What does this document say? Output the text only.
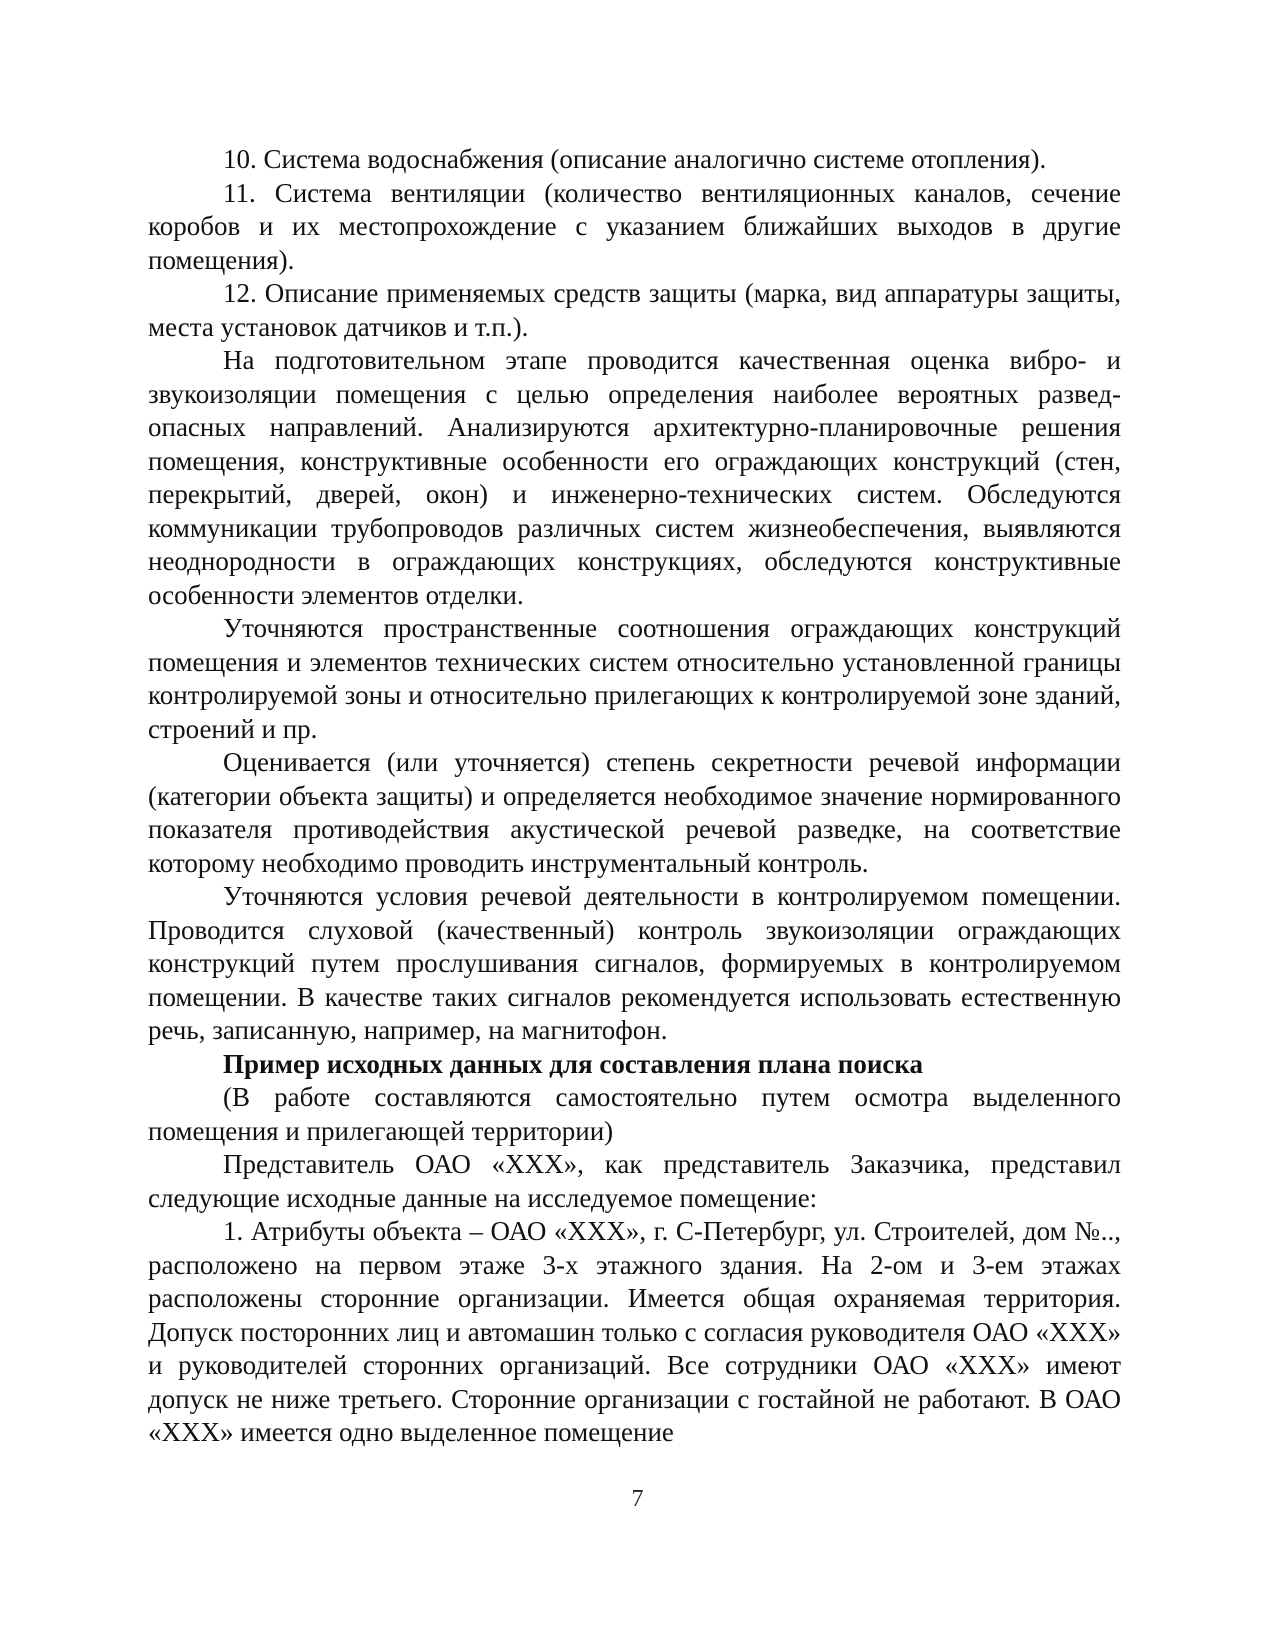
10. Система водоснабжения (описание аналогично системе отопления).

11. Система вентиляции (количество вентиляционных каналов, сечение коробов и их местопрохождение с указанием ближайших выходов в другие помещения).

12. Описание применяемых средств защиты (марка, вид аппаратуры защиты, места установок датчиков и т.п.).

На подготовительном этапе проводится качественная оценка вибро- и звукоизоляции помещения с целью определения наиболее вероятных разведопасных направлений. Анализируются архитектурно-планировочные решения помещения, конструктивные особенности его ограждающих конструкций (стен, перекрытий, дверей, окон) и инженерно-технических систем. Обследуются коммуникации трубопроводов различных систем жизнеобеспечения, выявляются неоднородности в ограждающих конструкциях, обследуются конструктивные особенности элементов отделки.

Уточняются пространственные соотношения ограждающих конструкций помещения и элементов технических систем относительно установленной границы контролируемой зоны и относительно прилегающих к контролируемой зоне зданий, строений и пр.

Оценивается (или уточняется) степень секретности речевой информации (категории объекта защиты) и определяется необходимое значение нормированного показателя противодействия акустической речевой разведке, на соответствие которому необходимо проводить инструментальный контроль.

Уточняются условия речевой деятельности в контролируемом помещении. Проводится слуховой (качественный) контроль звукоизоляции ограждающих конструкций путем прослушивания сигналов, формируемых в контролируемом помещении. В качестве таких сигналов рекомендуется использовать естественную речь, записанную, например, на магнитофон.

Пример исходных данных для составления плана поиска

(В работе составляются самостоятельно путем осмотра выделенного помещения и прилегающей территории)

Представитель ОАО «ХХХ», как представитель Заказчика, представил следующие исходные данные на исследуемое помещение:

1. Атрибуты объекта – ОАО «ХХХ», г. С-Петербург, ул. Строителей, дом №.., расположено на первом этаже 3-х этажного здания. На 2-ом и 3-ем этажах расположены сторонние организации. Имеется общая охраняемая территория. Допуск посторонних лиц и автомашин только с согласия руководителя ОАО «ХХХ» и руководителей сторонних организаций. Все сотрудники ОАО «ХХХ» имеют допуск не ниже третьего. Сторонние организации с гостайной не работают. В ОАО «ХХХ» имеется одно выделенное помещение

7
